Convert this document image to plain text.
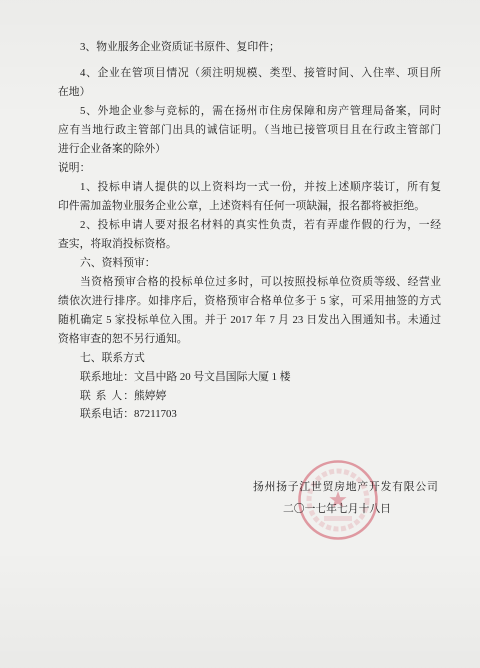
3、物业服务企业资质证书原件、复印件；
4、企业在管项目情况（须注明规模、类型、接管时间、入住率、项目所
在地）
5、外地企业参与竞标的，需在扬州市住房保障和房产管理局备案，同时
应有当地行政主管部门出具的诚信证明。（当地已接管项目且在行政主管部门
进行企业备案的除外）
说明：
1、投标申请人提供的以上资料均一式一份，并按上述顺序装订，所有复
印件需加盖物业服务企业公章，上述资料有任何一项缺漏，报名都将被拒绝。
2、投标申请人要对报名材料的真实性负责，若有弄虚作假的行为，一经
查实，将取消投标资格。
六、资料预审：
当资格预审合格的投标单位过多时，可以按照投标单位资质等级、经营业
绩依次进行排序。如排序后，资格预审合格单位多于 5 家，可采用抽签的方式
随机确定 5 家投标单位入围。并于 2017 年 7 月 23 日发出入围通知书。未通过
资格审查的恕不另行通知。
七、联系方式
联系地址：文昌中路 20 号文昌国际大厦 1 楼
联 系 人：熊婷婷
联系电话：87211703
扬州扬子江世贸房地产开发有限公司
二〇一七年七月十八日
